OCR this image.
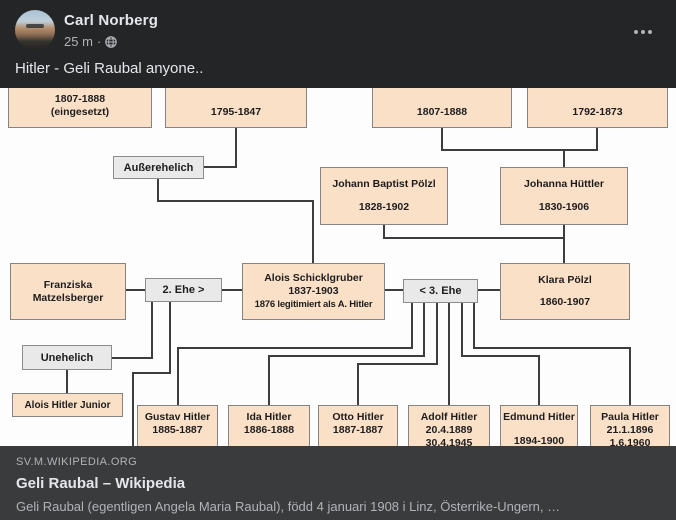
Carl Norberg
25 m ·
Hitler - Geli Raubal anyone..
1807-1888
(eingesetzt)	1795-1847	1807-1888	1792-1873
Außerehelich
2. Ehe >	< 3. Ehe
Unehelich
Johann Baptist Pölzl
1828-1902
Johanna Hüttler
1830-1906
Franziska
Matzelsberger
Alois Schicklgruber
1837-1903
1876 legitimiert als A. Hitler
Klara Pölzl
1860-1907
Alois Hitler Junior
Gustav Hitler
1885-1887
Ida Hitler
1886-1888
Otto Hitler
1887-1887
Adolf Hitler
20.4.1889
30.4.1945
Edmund Hitler
1894-1900
Paula Hitler
21.1.1896
1.6.1960
SV.M.WIKIPEDIA.ORG
Geli Raubal – Wikipedia
Geli Raubal (egentligen Angela Maria Raubal), född 4 januari 1908 i Linz, Österrike-Ungern, …
